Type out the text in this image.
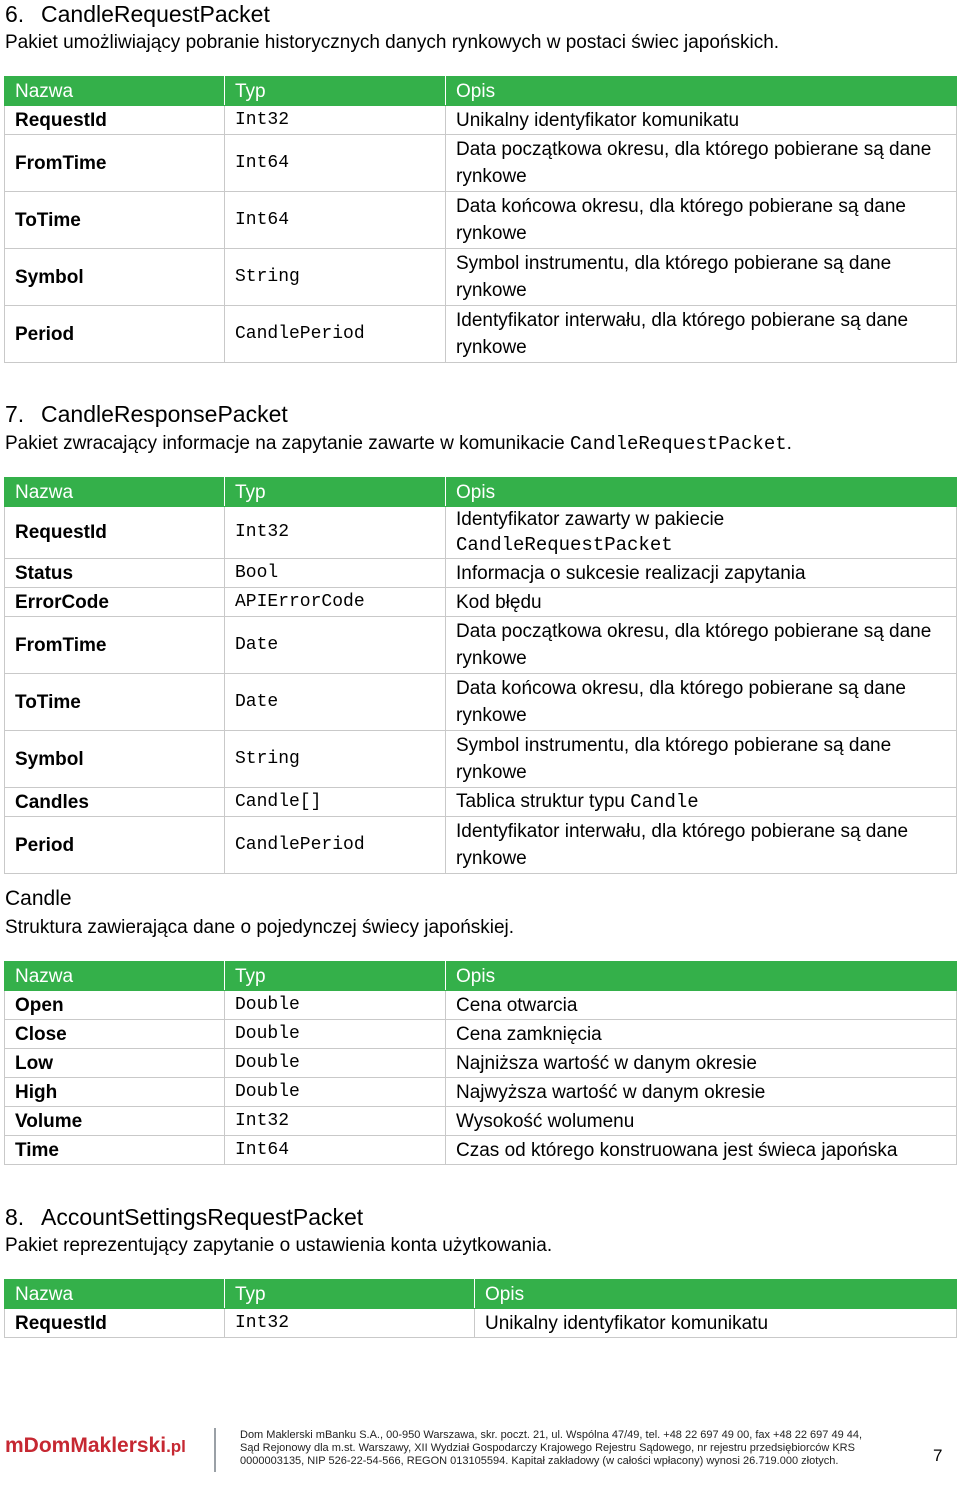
6. CandleRequestPacket
Pakiet umożliwiający pobranie historycznych danych rynkowych w postaci świec japońskich.
Nazwa	Typ	Opis
RequestId	Int32	Unikalny identyfikator komunikatu
FromTime	Int64	Data początkowa okresu, dla którego pobierane są dane rynkowe
ToTime	Int64	Data końcowa okresu, dla którego pobierane są dane rynkowe
Symbol	String	Symbol instrumentu, dla którego pobierane są dane rynkowe
Period	CandlePeriod	Identyfikator interwału, dla którego pobierane są dane rynkowe
7. CandleResponsePacket
Pakiet zwracający informacje na zapytanie zawarte w komunikacie CandleRequestPacket.
Nazwa	Typ	Opis
RequestId	Int32	Identyfikator zawarty w pakiecie
CandleRequestPacket
Status	Bool	Informacja o sukcesie realizacji zapytania
ErrorCode	APIErrorCode	Kod błędu
FromTime	Date	Data początkowa okresu, dla którego pobierane są dane rynkowe
ToTime	Date	Data końcowa okresu, dla którego pobierane są dane rynkowe
Symbol	String	Symbol instrumentu, dla którego pobierane są dane rynkowe
Candles	Candle[]	Tablica struktur typu Candle
Period	CandlePeriod	Identyfikator interwału, dla którego pobierane są dane rynkowe
Candle
Struktura zawierająca dane o pojedynczej świecy japońskiej.
Nazwa	Typ	Opis
Open	Double	Cena otwarcia
Close	Double	Cena zamknięcia
Low	Double	Najniższa wartość w danym okresie
High	Double	Najwyższa wartość w danym okresie
Volume	Int32	Wysokość wolumenu
Time	Int64	Czas od którego konstruowana jest świeca japońska
8. AccountSettingsRequestPacket
Pakiet reprezentujący zapytanie o ustawienia konta użytkowania.
Nazwa	Typ	Opis
RequestId	Int32	Unikalny identyfikator komunikatu
mDomMaklerski.pl
Dom Maklerski mBanku S.A., 00-950 Warszawa, skr. poczt. 21, ul. Wspólna 47/49, tel. +48 22 697 49 00, fax +48 22 697 49 44, Sąd Rejonowy dla m.st. Warszawy, XII Wydział Gospodarczy Krajowego Rejestru Sądowego, nr rejestru przedsiębiorców KRS 0000003135, NIP 526-22-54-566, REGON 013105594. Kapitał zakładowy (w całości wpłacony) wynosi 26.719.000 złotych.	7
